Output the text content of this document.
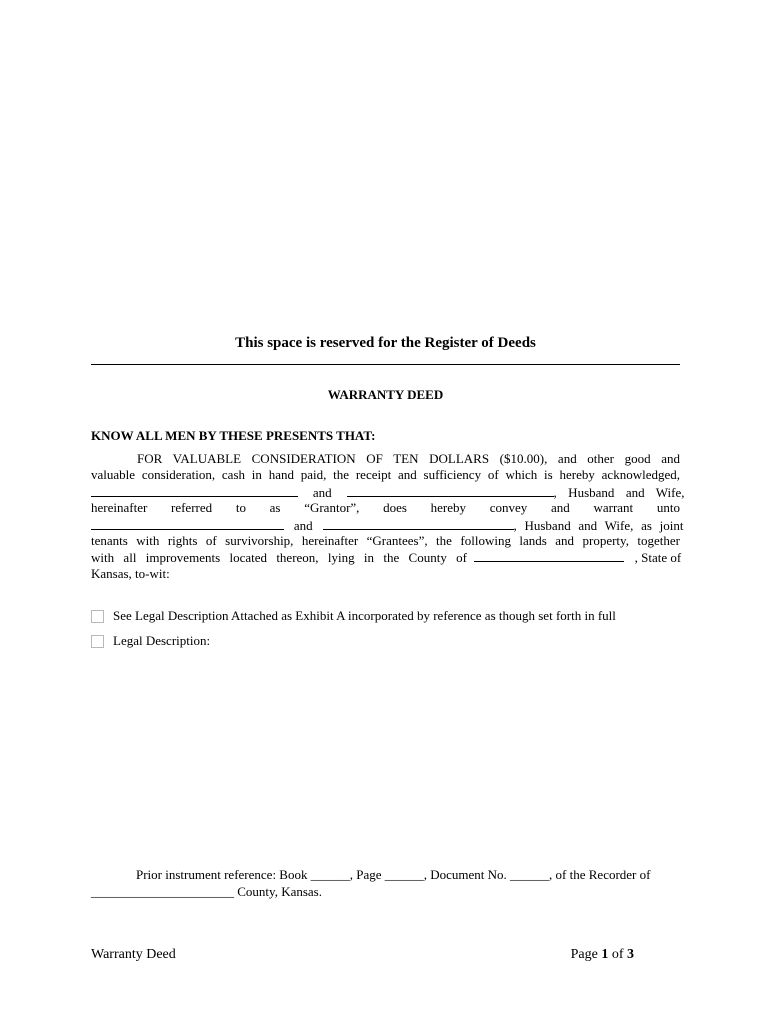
This space is reserved for the Register of Deeds
WARRANTY DEED
KNOW ALL MEN BY THESE PRESENTS THAT:
FOR VALUABLE CONSIDERATION OF TEN DOLLARS ($10.00), and other good and
valuable consideration, cash in hand paid, the receipt and sufficiency of which is hereby acknowledged,
and	, Husband and Wife,
hereinafter referred to as “Grantor”, does hereby convey and warrant unto
and	, Husband and Wife, as joint
tenants with rights of survivorship, hereinafter “Grantees”, the following lands and property, together
with all improvements located thereon, lying in the County of	, State of
Kansas, to-wit:
See Legal Description Attached as Exhibit A incorporated by reference as though set forth in full
Legal Description:
Prior instrument reference: Book ______, Page ______, Document No. ______, of the Recorder of
______________________ County, Kansas.
Warranty Deed	Page 1 of 3
